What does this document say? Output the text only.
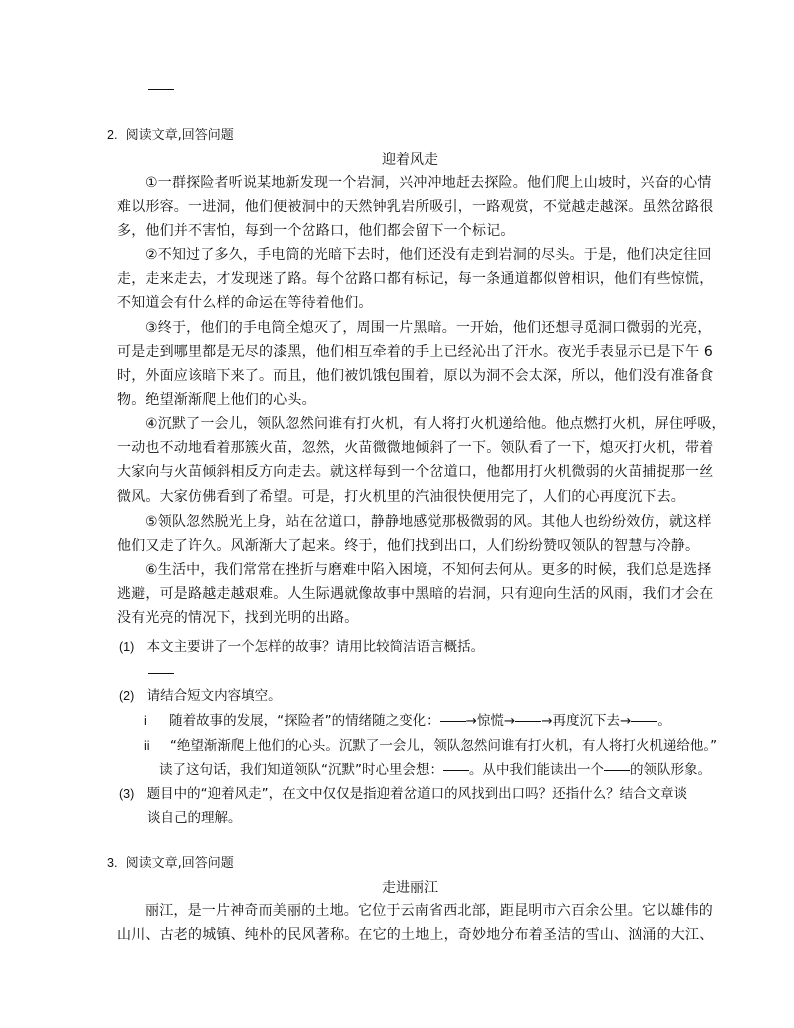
2. 阅读文章,回答问题
迎着风走
①一群探险者听说某地新发现一个岩洞，兴冲冲地赶去探险。他们爬上山坡时，兴奋的心情
难以形容。一进洞，他们便被洞中的天然钟乳岩所吸引，一路观赏，不觉越走越深。虽然岔路很
多，他们并不害怕，每到一个岔路口，他们都会留下一个标记。
②不知过了多久，手电筒的光暗下去时，他们还没有走到岩洞的尽头。于是，他们决定往回
走，走来走去，才发现迷了路。每个岔路口都有标记，每一条通道都似曾相识，他们有些惊慌，
不知道会有什么样的命运在等待着他们。
③终于，他们的手电筒全熄灭了，周围一片黑暗。一开始，他们还想寻觅洞口微弱的光亮，
可是走到哪里都是无尽的漆黑，他们相互牵着的手上已经沁出了汗水。夜光手表显示已是下午 6
时，外面应该暗下来了。而且，他们被饥饿包围着，原以为洞不会太深，所以，他们没有准备食
物。绝望渐渐爬上他们的心头。
④沉默了一会儿，领队忽然问谁有打火机，有人将打火机递给他。他点燃打火机，屏住呼吸，
一动也不动地看着那簇火苗，忽然，火苗微微地倾斜了一下。领队看了一下，熄灭打火机，带着
大家向与火苗倾斜相反方向走去。就这样每到一个岔道口，他都用打火机微弱的火苗捕捉那一丝
微风。大家仿佛看到了希望。可是，打火机里的汽油很快便用完了，人们的心再度沉下去。
⑤领队忽然脱光上身，站在岔道口，静静地感觉那极微弱的风。其他人也纷纷效仿，就这样
他们又走了许久。风渐渐大了起来。终于，他们找到出口，人们纷纷赞叹领队的智慧与冷静。
⑥生活中，我们常常在挫折与磨难中陷入困境，不知何去何从。更多的时候，我们总是选择
逃避，可是路越走越艰难。人生际遇就像故事中黑暗的岩洞，只有迎向生活的风雨，我们才会在
没有光亮的情况下，找到光明的出路。
(1) 本文主要讲了一个怎样的故事？请用比较简洁语言概括。
(2) 请结合短文内容填空。
i 随着故事的发展，“探险者”的情绪随之变化： →惊慌→ →再度沉下去→ 。
ii “绝望渐渐爬上他们的心头。沉默了一会儿，领队忽然问谁有打火机，有人将打火机递给他。”
读了这句话，我们知道领队“沉默”时心里会想： 。从中我们能读出一个 的领队形象。
(3) 题目中的“迎着风走”，在文中仅仅是指迎着岔道口的风找到出口吗？还指什么？结合文章谈
谈自己的理解。
3. 阅读文章,回答问题
走进丽江
丽江，是一片神奇而美丽的土地。它位于云南省西北部，距昆明市六百余公里。它以雄伟的
山川、古老的城镇、纯朴的民风著称。在它的土地上，奇妙地分布着圣洁的雪山、汹涌的大江、
